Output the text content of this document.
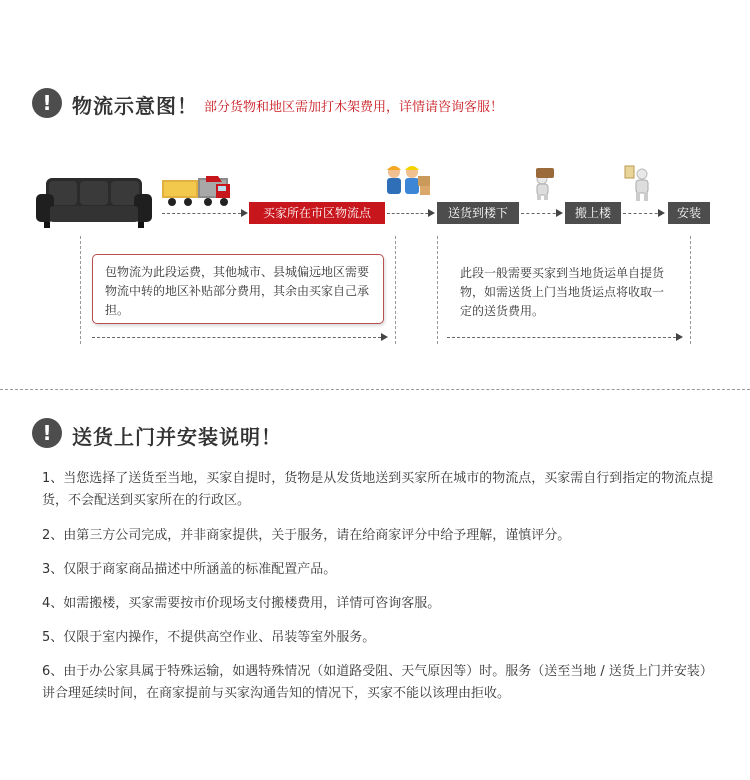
!	物流示意图！ 部分货物和地区需加打木架费用，详情请咨询客服！
买家所在市区物流点	送货到楼下	搬上楼	安装
包物流为此段运费，其他城市、县城偏远地区需要物流中转的地区补贴部分费用，其余由买家自己承担。
此段一般需要买家到当地货运单自提货物，如需送货上门当地货运点将收取一定的送货费用。
!	送货上门并安装说明！
1、当您选择了送货至当地，买家自提时，货物是从发货地送到买家所在城市的物流点，买家需自行到指定的物流点提货，不会配送到买家所在的行政区。
2、由第三方公司完成，并非商家提供，关于服务，请在给商家评分中给予理解，谨慎评分。
3、仅限于商家商品描述中所涵盖的标准配置产品。
4、如需搬楼，买家需要按市价现场支付搬楼费用，详情可咨询客服。
5、仅限于室内操作，不提供高空作业、吊装等室外服务。
6、由于办公家具属于特殊运输，如遇特殊情况（如道路受阻、天气原因等）时。服务（送至当地 / 送货上门并安装）讲合理延续时间，在商家提前与买家沟通告知的情况下，买家不能以该理由拒收。
